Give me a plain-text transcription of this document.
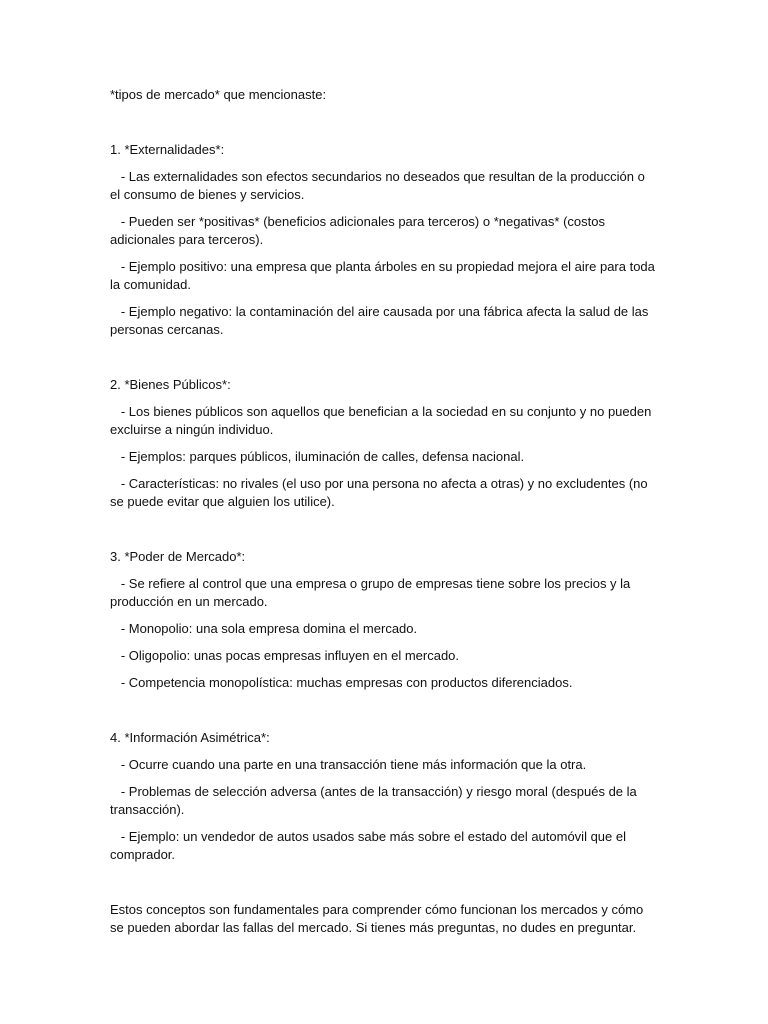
*tipos de mercado* que mencionaste:

1. *Externalidades*:

- Las externalidades son efectos secundarios no deseados que resultan de la producción o el consumo de bienes y servicios.

- Pueden ser *positivas* (beneficios adicionales para terceros) o *negativas* (costos adicionales para terceros).

- Ejemplo positivo: una empresa que planta árboles en su propiedad mejora el aire para toda la comunidad.

- Ejemplo negativo: la contaminación del aire causada por una fábrica afecta la salud de las personas cercanas.

2. *Bienes Públicos*:

- Los bienes públicos son aquellos que benefician a la sociedad en su conjunto y no pueden excluirse a ningún individuo.

- Ejemplos: parques públicos, iluminación de calles, defensa nacional.

- Características: no rivales (el uso por una persona no afecta a otras) y no excludentes (no se puede evitar que alguien los utilice).

3. *Poder de Mercado*:

- Se refiere al control que una empresa o grupo de empresas tiene sobre los precios y la producción en un mercado.

- Monopolio: una sola empresa domina el mercado.

- Oligopolio: unas pocas empresas influyen en el mercado.

- Competencia monopolística: muchas empresas con productos diferenciados.

4. *Información Asimétrica*:

- Ocurre cuando una parte en una transacción tiene más información que la otra.

- Problemas de selección adversa (antes de la transacción) y riesgo moral (después de la transacción).

- Ejemplo: un vendedor de autos usados sabe más sobre el estado del automóvil que el comprador.

Estos conceptos son fundamentales para comprender cómo funcionan los mercados y cómo se pueden abordar las fallas del mercado. Si tienes más preguntas, no dudes en preguntar.
